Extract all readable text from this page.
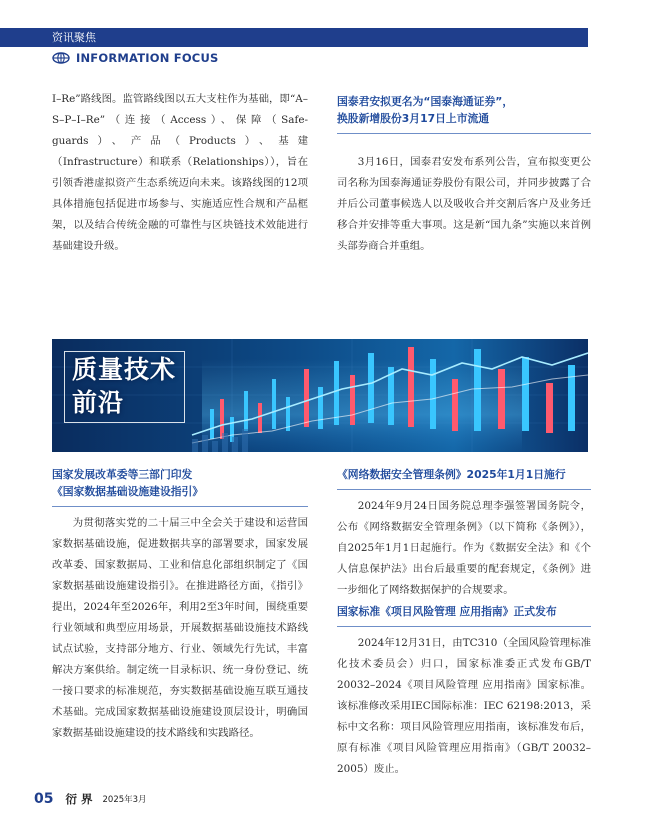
资讯聚焦
INFORMATION FOCUS

I–Re”路线图。监管路线图以五大支柱作为基础，即“A–S–P–I–Re”（连接（Access）、保障（Safe-guards）、产品（Products）、基建（Infrastructure）和联系（Relationships）），旨在引领香港虚拟资产生态系统迈向未来。该路线图的12项具体措施包括促进市场参与、实施适应性合规和产品框架，以及结合传统金融的可靠性与区块链技术效能进行基础建设升级。

国泰君安拟更名为“国泰海通证券”，
换股新增股份3月17日上市流通

3月16日，国泰君安发布系列公告，宣布拟变更公司名称为国泰海通证券股份有限公司，并同步披露了合并后公司董事候选人以及吸收合并交割后客户及业务迁移合并安排等重大事项。这是新“国九条”实施以来首例头部券商合并重组。

质量技术
前沿
国家发展改革委等三部门印发
《国家数据基础设施建设指引》

为贯彻落实党的二十届三中全会关于建设和运营国家数据基础设施，促进数据共享的部署要求，国家发展改革委、国家数据局、工业和信息化部组织制定了《国家数据基础设施建设指引》。在推进路径方面，《指引》提出，2024年至2026年，利用2至3年时间，围绕重要行业领域和典型应用场景，开展数据基础设施技术路线试点试验，支持部分地方、行业、领域先行先试，丰富解决方案供给。制定统一目录标识、统一身份登记、统一接口要求的标准规范，夯实数据基础设施互联互通技术基础。完成国家数据基础设施建设顶层设计，明确国家数据基础设施建设的技术路线和实践路径。

《网络数据安全管理条例》2025年1月1日施行

2024年9月24日国务院总理李强签署国务院令，公布《网络数据安全管理条例》（以下简称《条例》），自2025年1月1日起施行。作为《数据安全法》和《个人信息保护法》出台后最重要的配套规定，《条例》进一步细化了网络数据保护的合规要求。

国家标准《项目风险管理 应用指南》正式发布

2024年12月31日，由TC310（全国风险管理标准化技术委员会）归口，国家标准委正式发布GB/T 20032–2024《项目风险管理 应用指南》国家标准。该标准修改采用IEC国际标准：IEC 62198:2013，采标中文名称：项目风险管理应用指南，该标准发布后，原有标准《项目风险管理应用指南》（GB/T 20032–2005）废止。

05 衍 界 2025年3月
